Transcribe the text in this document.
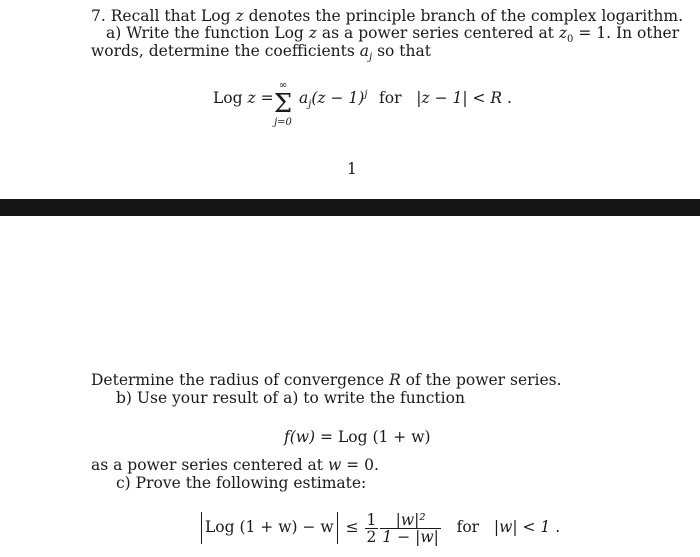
7. Recall that Log z denotes the principle branch of the complex logarithm.
a) Write the function Log z as a power series centered at $z_0 = 1$. In other
words, determine the coefficients $a_j$ so that
Log z =
∞
Σ
j=0
$a_j(z - 1)^j$ for |z − 1| < R .
1
Determine the radius of convergence R of the power series.
b) Use your result of a) to write the function
f(w) = Log (1 + w)
as a power series centered at w = 0.
c) Prove the following estimate:
Log $(1 + w) - w \le \frac{1}{2} \frac{\text{|w|²}}{1 - |w|}$ for |w| < 1 .
